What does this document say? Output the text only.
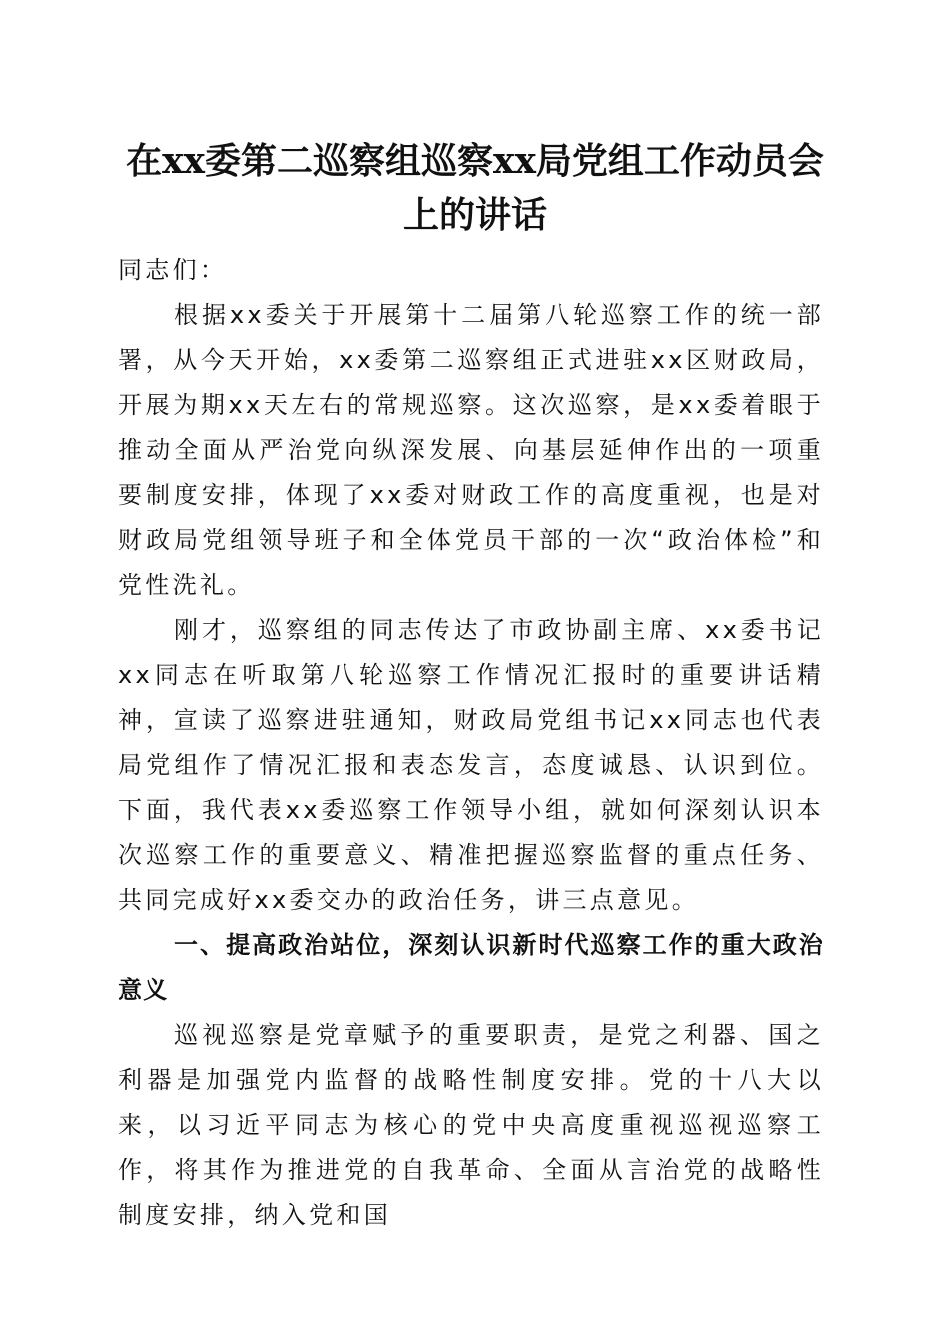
在xx委第二巡察组巡察xx局党组工作动员会
上的讲话

同志们：

根据xx委关于开展第十二届第八轮巡察工作的统一部署，从今天开始，xx委第二巡察组正式进驻xx区财政局，开展为期xx天左右的常规巡察。这次巡察，是xx委着眼于推动全面从严治党向纵深发展、向基层延伸作出的一项重要制度安排，体现了xx委对财政工作的高度重视，也是对财政局党组领导班子和全体党员干部的一次“政治体检”和党性洗礼。

刚才，巡察组的同志传达了市政协副主席、xx委书记xx同志在听取第八轮巡察工作情况汇报时的重要讲话精神，宣读了巡察进驻通知，财政局党组书记xx同志也代表局党组作了情况汇报和表态发言，态度诚恳、认识到位。下面，我代表xx委巡察工作领导小组，就如何深刻认识本次巡察工作的重要意义、精准把握巡察监督的重点任务、共同完成好xx委交办的政治任务，讲三点意见。

一、提高政治站位，深刻认识新时代巡察工作的重大政治意义

巡视巡察是党章赋予的重要职责，是党之利器、国之利器是加强党内监督的战略性制度安排。党的十八大以来，以习近平同志为核心的党中央高度重视巡视巡察工作，将其作为推进党的自我革命、全面从言治党的战略性制度安排，纳入党和国
